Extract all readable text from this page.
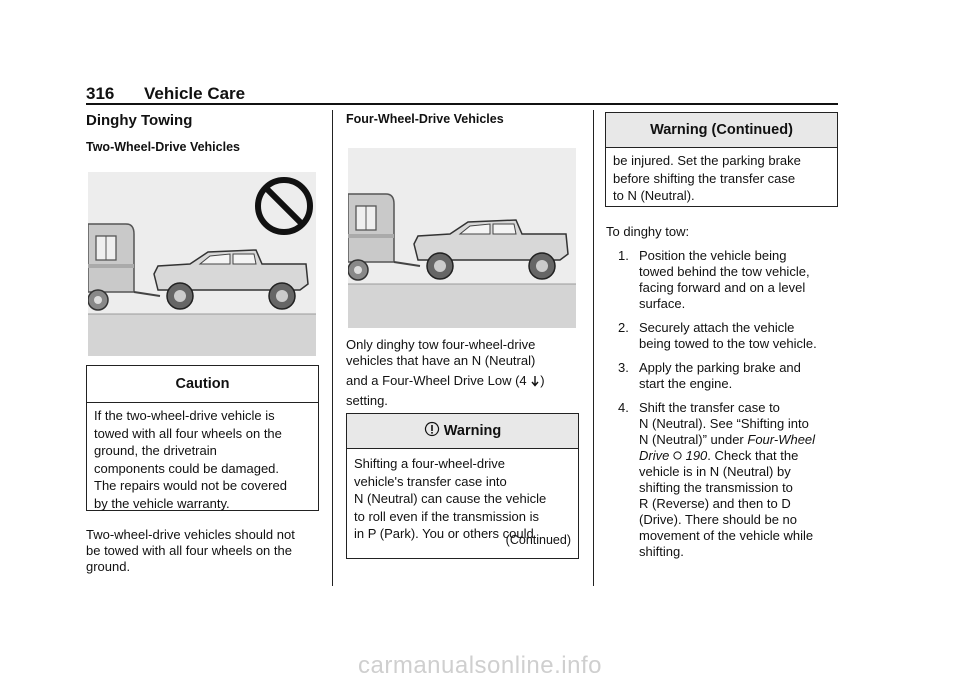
316 Vehicle Care
Dinghy Towing
Two-Wheel-Drive Vehicles
Caution
If the two-wheel-drive vehicle is
towed with all four wheels on the
ground, the drivetrain
components could be damaged.
The repairs would not be covered
by the vehicle warranty.
Two-wheel-drive vehicles should not
be towed with all four wheels on the
ground.
Four-Wheel-Drive Vehicles
Only dinghy tow four-wheel-drive
vehicles that have an N (Neutral)
and a Four-Wheel Drive Low (4 )
setting.
Warning
Shifting a four-wheel-drive
vehicle's transfer case into
N (Neutral) can cause the vehicle
to roll even if the transmission is
in P (Park). You or others could
(Continued)
Warning (Continued)
be injured. Set the parking brake
before shifting the transfer case
to N (Neutral).
To dinghy tow:
1. Position the vehicle being
towed behind the tow vehicle,
facing forward and on a level
surface.
2. Securely attach the vehicle
being towed to the tow vehicle.
3. Apply the parking brake and
start the engine.
4. Shift the transfer case to
N (Neutral). See “Shifting into
N (Neutral)” under Four-Wheel
Drive 190. Check that the
vehicle is in N (Neutral) by
shifting the transmission to
R (Reverse) and then to D
(Drive). There should be no
movement of the vehicle while
shifting.
carmanualsonline.info
